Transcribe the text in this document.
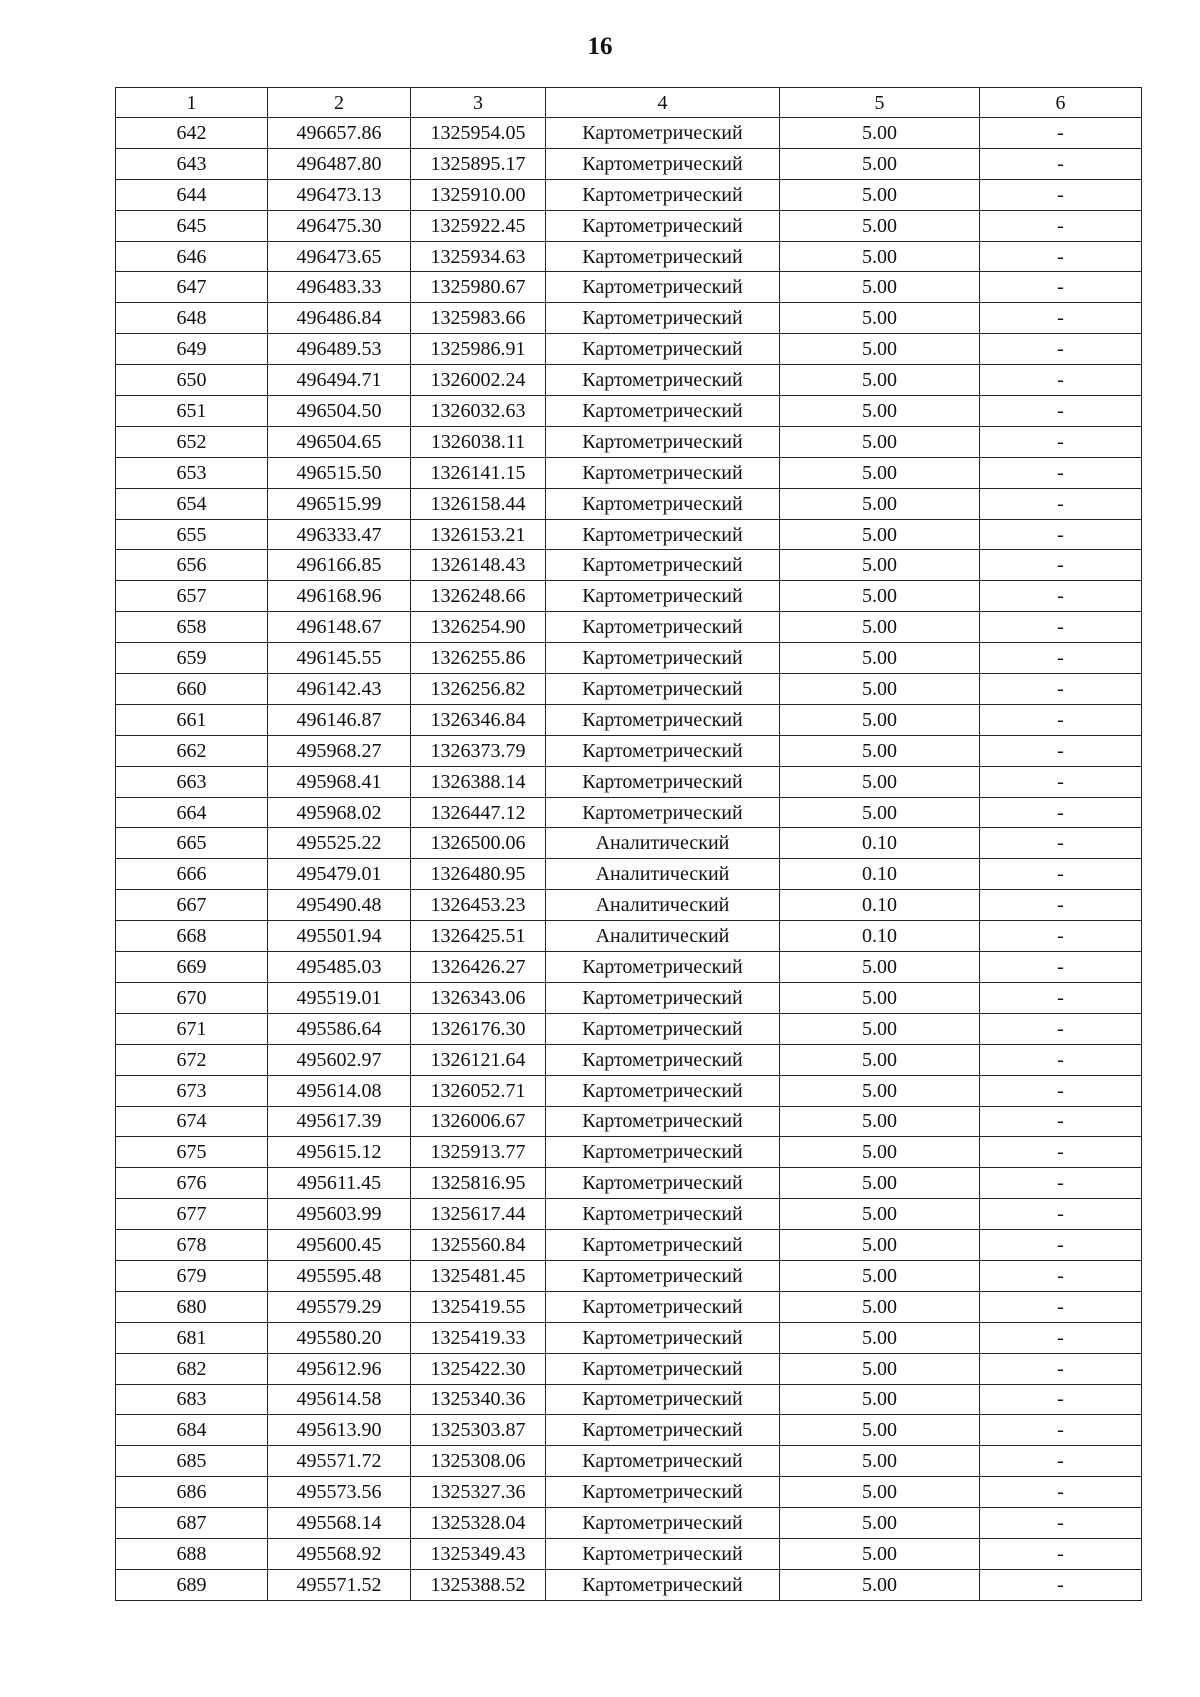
16
1	2	3	4	5	6
642	496657.86	1325954.05	Картометрический	5.00	-
643	496487.80	1325895.17	Картометрический	5.00	-
644	496473.13	1325910.00	Картометрический	5.00	-
645	496475.30	1325922.45	Картометрический	5.00	-
646	496473.65	1325934.63	Картометрический	5.00	-
647	496483.33	1325980.67	Картометрический	5.00	-
648	496486.84	1325983.66	Картометрический	5.00	-
649	496489.53	1325986.91	Картометрический	5.00	-
650	496494.71	1326002.24	Картометрический	5.00	-
651	496504.50	1326032.63	Картометрический	5.00	-
652	496504.65	1326038.11	Картометрический	5.00	-
653	496515.50	1326141.15	Картометрический	5.00	-
654	496515.99	1326158.44	Картометрический	5.00	-
655	496333.47	1326153.21	Картометрический	5.00	-
656	496166.85	1326148.43	Картометрический	5.00	-
657	496168.96	1326248.66	Картометрический	5.00	-
658	496148.67	1326254.90	Картометрический	5.00	-
659	496145.55	1326255.86	Картометрический	5.00	-
660	496142.43	1326256.82	Картометрический	5.00	-
661	496146.87	1326346.84	Картометрический	5.00	-
662	495968.27	1326373.79	Картометрический	5.00	-
663	495968.41	1326388.14	Картометрический	5.00	-
664	495968.02	1326447.12	Картометрический	5.00	-
665	495525.22	1326500.06	Аналитический	0.10	-
666	495479.01	1326480.95	Аналитический	0.10	-
667	495490.48	1326453.23	Аналитический	0.10	-
668	495501.94	1326425.51	Аналитический	0.10	-
669	495485.03	1326426.27	Картометрический	5.00	-
670	495519.01	1326343.06	Картометрический	5.00	-
671	495586.64	1326176.30	Картометрический	5.00	-
672	495602.97	1326121.64	Картометрический	5.00	-
673	495614.08	1326052.71	Картометрический	5.00	-
674	495617.39	1326006.67	Картометрический	5.00	-
675	495615.12	1325913.77	Картометрический	5.00	-
676	495611.45	1325816.95	Картометрический	5.00	-
677	495603.99	1325617.44	Картометрический	5.00	-
678	495600.45	1325560.84	Картометрический	5.00	-
679	495595.48	1325481.45	Картометрический	5.00	-
680	495579.29	1325419.55	Картометрический	5.00	-
681	495580.20	1325419.33	Картометрический	5.00	-
682	495612.96	1325422.30	Картометрический	5.00	-
683	495614.58	1325340.36	Картометрический	5.00	-
684	495613.90	1325303.87	Картометрический	5.00	-
685	495571.72	1325308.06	Картометрический	5.00	-
686	495573.56	1325327.36	Картометрический	5.00	-
687	495568.14	1325328.04	Картометрический	5.00	-
688	495568.92	1325349.43	Картометрический	5.00	-
689	495571.52	1325388.52	Картометрический	5.00	-
